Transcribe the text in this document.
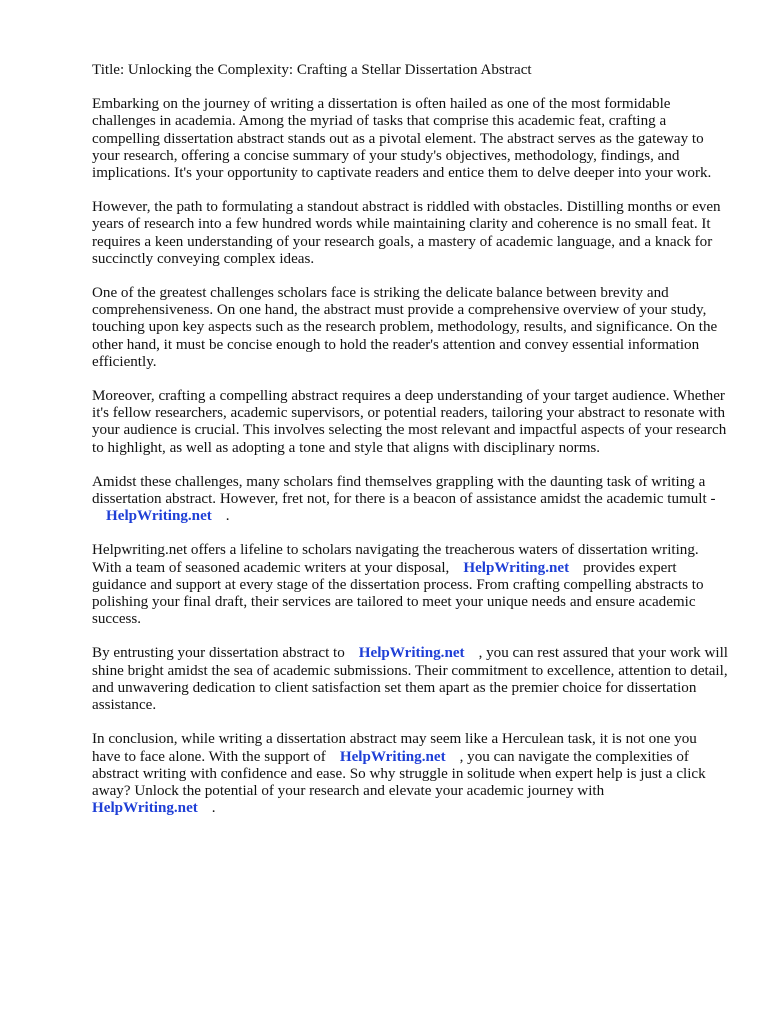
Title: Unlocking the Complexity: Crafting a Stellar Dissertation Abstract

Embarking on the journey of writing a dissertation is often hailed as one of the most formidable challenges in academia. Among the myriad of tasks that comprise this academic feat, crafting a compelling dissertation abstract stands out as a pivotal element. The abstract serves as the gateway to your research, offering a concise summary of your study's objectives, methodology, findings, and implications. It's your opportunity to captivate readers and entice them to delve deeper into your work.

However, the path to formulating a standout abstract is riddled with obstacles. Distilling months or even years of research into a few hundred words while maintaining clarity and coherence is no small feat. It requires a keen understanding of your research goals, a mastery of academic language, and a knack for succinctly conveying complex ideas.

One of the greatest challenges scholars face is striking the delicate balance between brevity and comprehensiveness. On one hand, the abstract must provide a comprehensive overview of your study, touching upon key aspects such as the research problem, methodology, results, and significance. On the other hand, it must be concise enough to hold the reader's attention and convey essential information efficiently.

Moreover, crafting a compelling abstract requires a deep understanding of your target audience. Whether it's fellow researchers, academic supervisors, or potential readers, tailoring your abstract to resonate with your audience is crucial. This involves selecting the most relevant and impactful aspects of your research to highlight, as well as adopting a tone and style that aligns with disciplinary norms.

Amidst these challenges, many scholars find themselves grappling with the daunting task of writing a dissertation abstract. However, fret not, for there is a beacon of assistance amidst the academic tumult -HelpWriting.net .

Helpwriting.net offers a lifeline to scholars navigating the treacherous waters of dissertation writing. With a team of seasoned academic writers at your disposal, HelpWriting.net provides expert guidance and support at every stage of the dissertation process. From crafting compelling abstracts to polishing your final draft, their services are tailored to meet your unique needs and ensure academic success.

By entrusting your dissertation abstract to HelpWriting.net , you can rest assured that your work will shine bright amidst the sea of academic submissions. Their commitment to excellence, attention to detail, and unwavering dedication to client satisfaction set them apart as the premier choice for dissertation assistance.

In conclusion, while writing a dissertation abstract may seem like a Herculean task, it is not one you have to face alone. With the support of HelpWriting.net , you can navigate the complexities of abstract writing with confidence and ease. So why struggle in solitude when expert help is just a click away? Unlock the potential of your research and elevate your academic journey with
HelpWriting.net .
